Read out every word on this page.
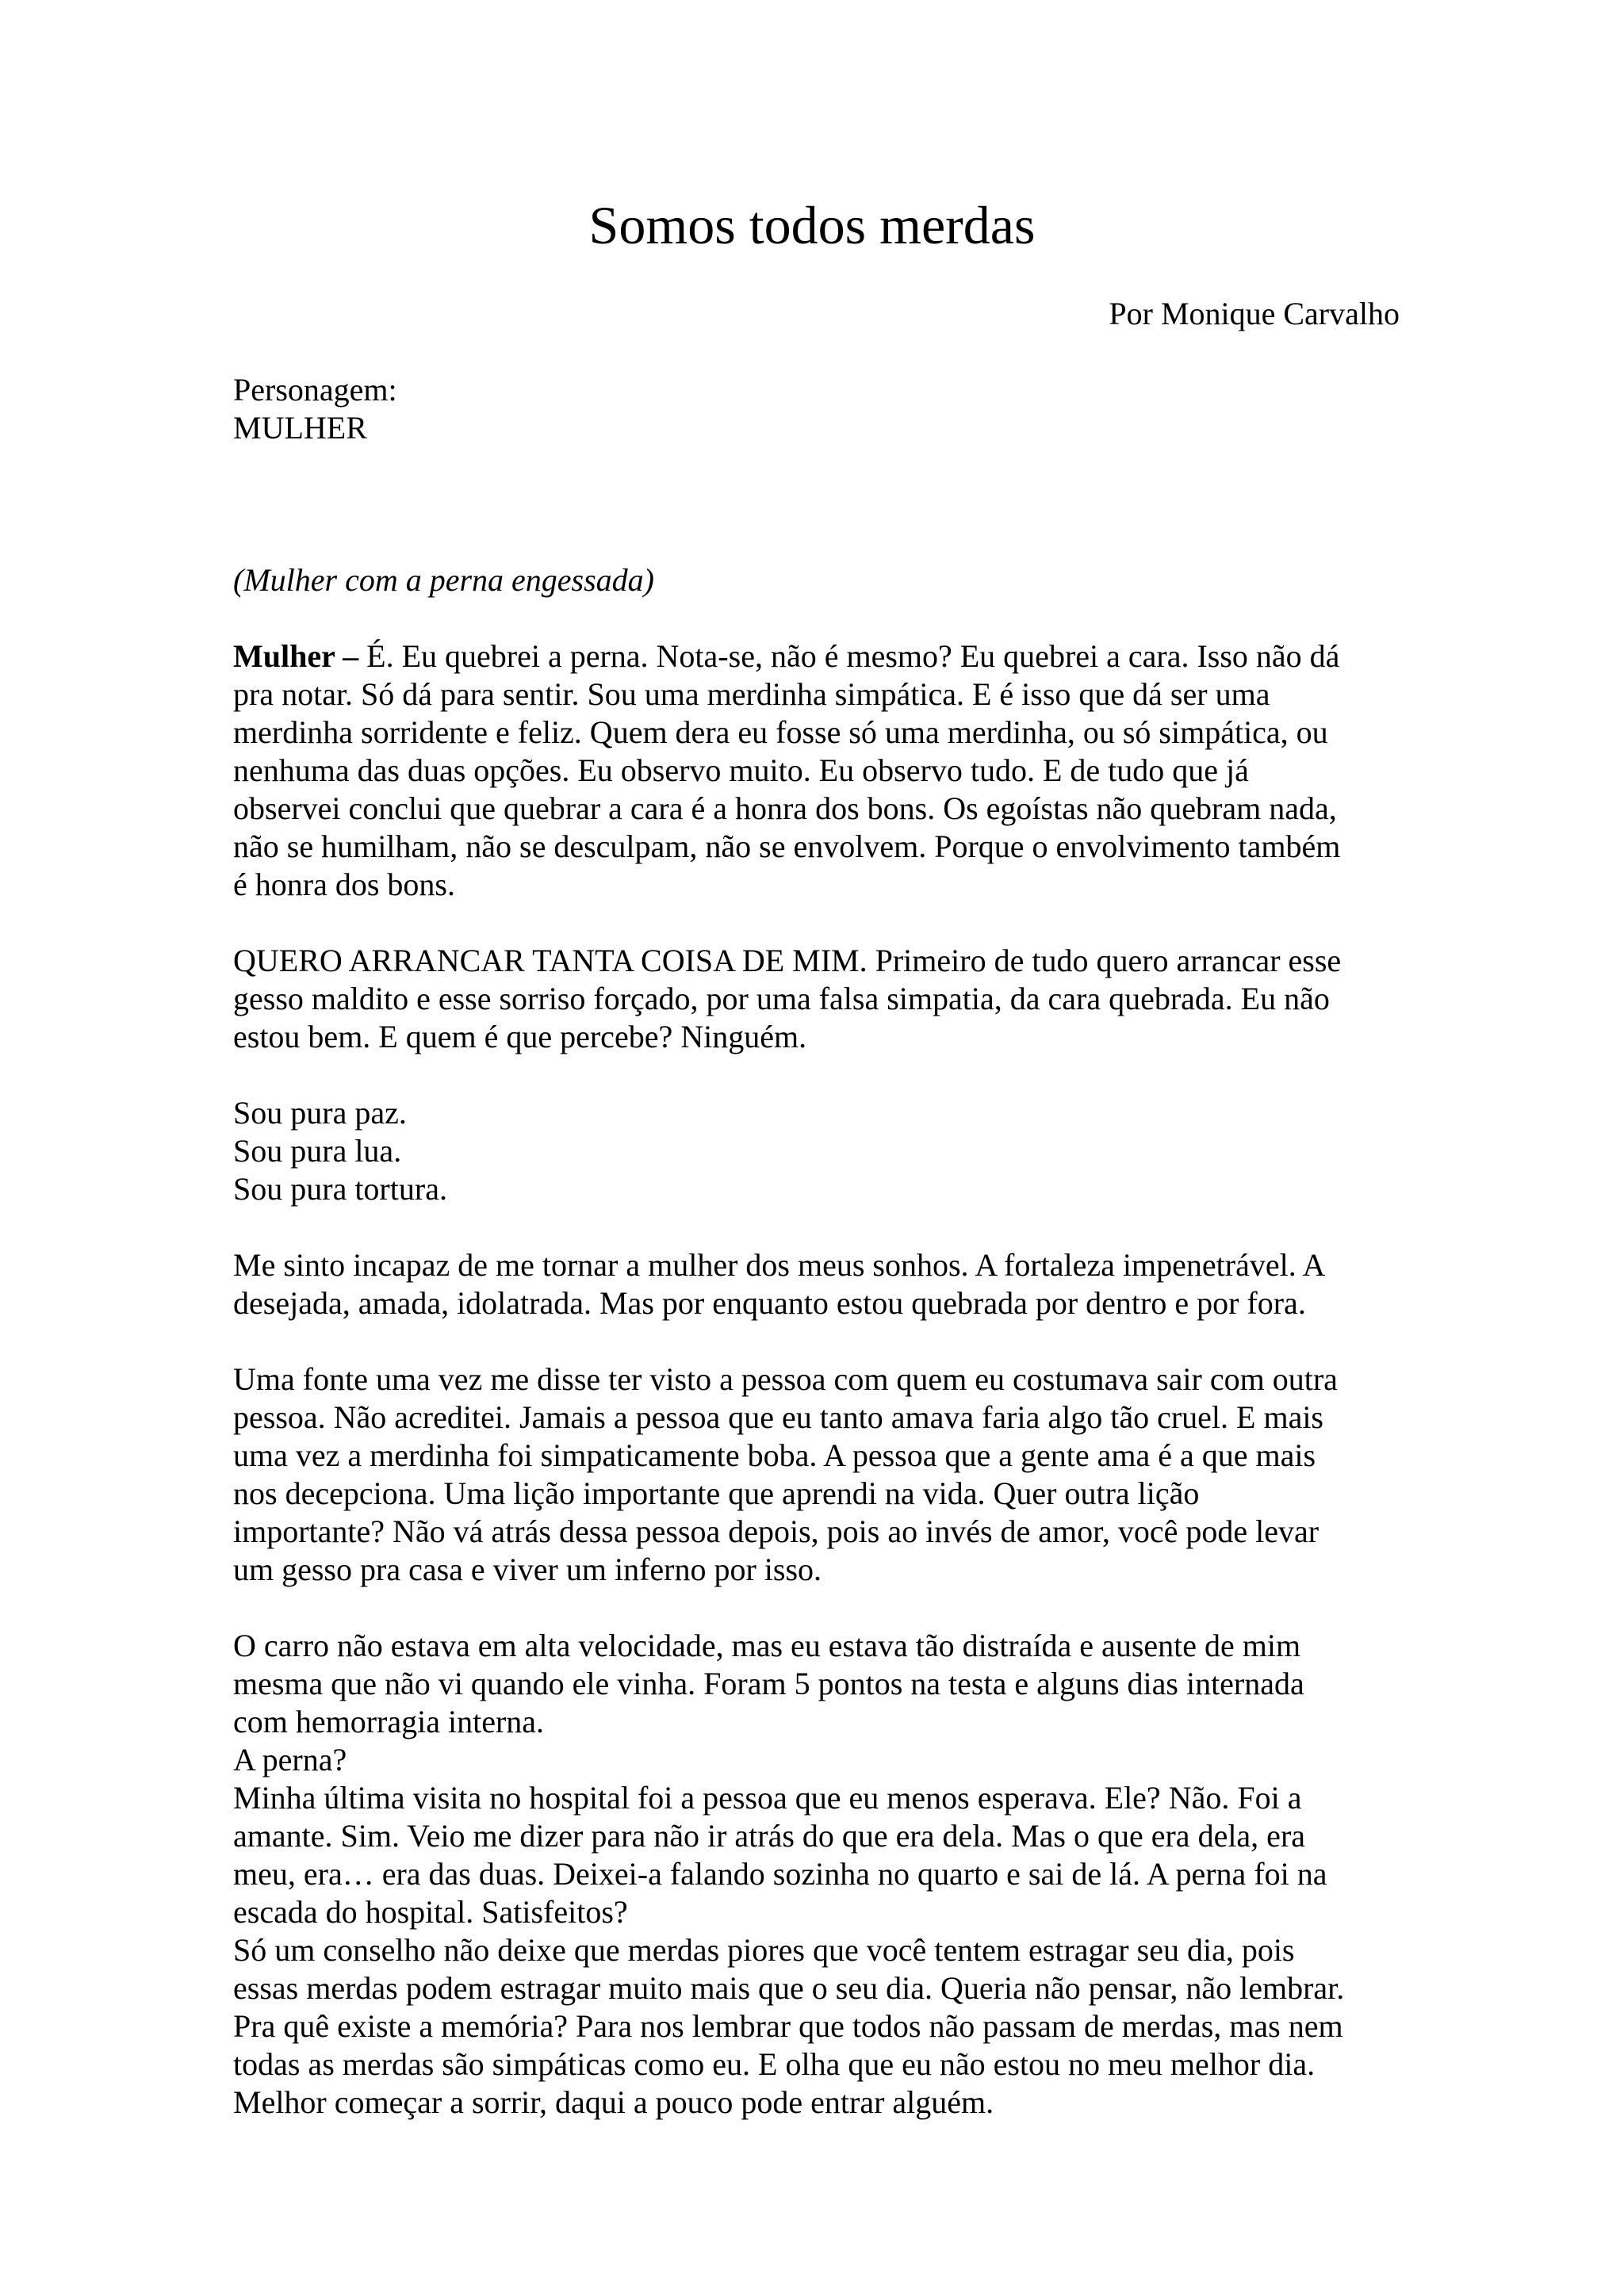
Somos todos merdas

Por Monique Carvalho

Personagem:

MULHER

(Mulher com a perna engessada)

Mulher – É. Eu quebrei a perna. Nota-se, não é mesmo? Eu quebrei a cara. Isso não dá
pra notar. Só dá para sentir. Sou uma merdinha simpática. E é isso que dá ser uma
merdinha sorridente e feliz. Quem dera eu fosse só uma merdinha, ou só simpática, ou
nenhuma das duas opções. Eu observo muito. Eu observo tudo. E de tudo que já
observei conclui que quebrar a cara é a honra dos bons. Os egoístas não quebram nada,
não se humilham, não se desculpam, não se envolvem. Porque o envolvimento também
é honra dos bons.

QUERO ARRANCAR TANTA COISA DE MIM. Primeiro de tudo quero arrancar esse
gesso maldito e esse sorriso forçado, por uma falsa simpatia, da cara quebrada. Eu não
estou bem. E quem é que percebe? Ninguém.

Sou pura paz.
Sou pura lua.
Sou pura tortura.

Me sinto incapaz de me tornar a mulher dos meus sonhos. A fortaleza impenetrável. A
desejada, amada, idolatrada. Mas por enquanto estou quebrada por dentro e por fora.

Uma fonte uma vez me disse ter visto a pessoa com quem eu costumava sair com outra
pessoa. Não acreditei. Jamais a pessoa que eu tanto amava faria algo tão cruel. E mais
uma vez a merdinha foi simpaticamente boba. A pessoa que a gente ama é a que mais
nos decepciona. Uma lição importante que aprendi na vida. Quer outra lição
importante? Não vá atrás dessa pessoa depois, pois ao invés de amor, você pode levar
um gesso pra casa e viver um inferno por isso.

O carro não estava em alta velocidade, mas eu estava tão distraída e ausente de mim
mesma que não vi quando ele vinha. Foram 5 pontos na testa e alguns dias internada
com hemorragia interna.
A perna?
Minha última visita no hospital foi a pessoa que eu menos esperava. Ele? Não. Foi a
amante. Sim. Veio me dizer para não ir atrás do que era dela. Mas o que era dela, era
meu, era… era das duas. Deixei-a falando sozinha no quarto e sai de lá. A perna foi na
escada do hospital. Satisfeitos?
Só um conselho não deixe que merdas piores que você tentem estragar seu dia, pois
essas merdas podem estragar muito mais que o seu dia. Queria não pensar, não lembrar.
Pra quê existe a memória? Para nos lembrar que todos não passam de merdas, mas nem
todas as merdas são simpáticas como eu. E olha que eu não estou no meu melhor dia.
Melhor começar a sorrir, daqui a pouco pode entrar alguém.
